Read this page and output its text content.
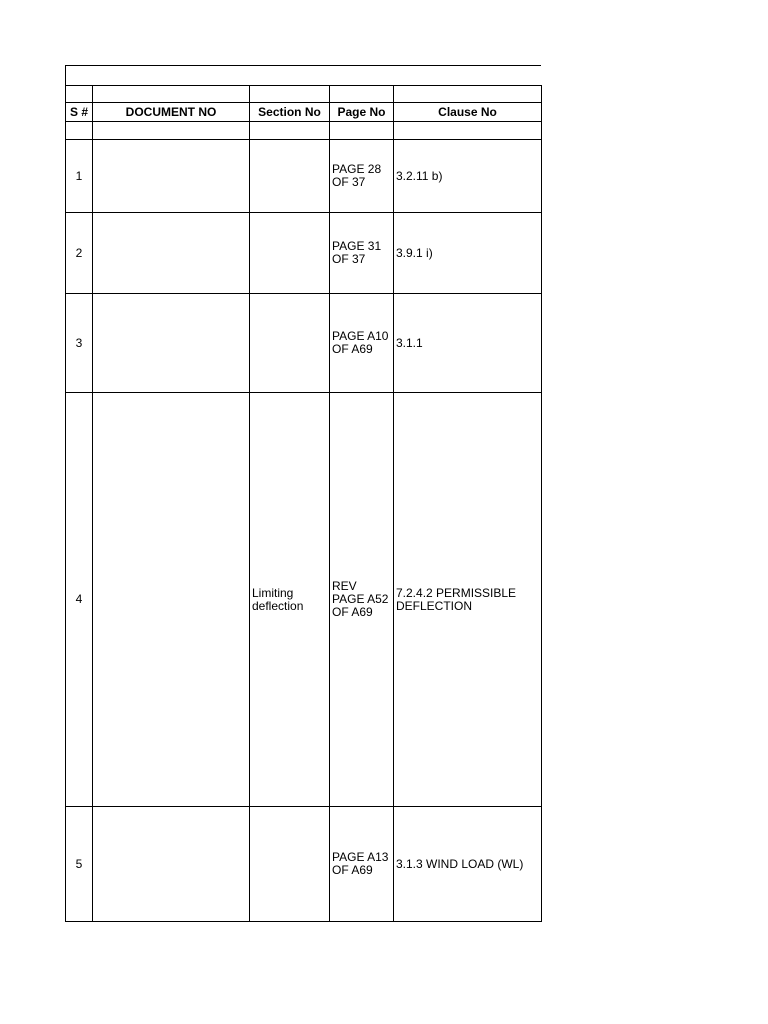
S #	DOCUMENT NO	Section No	Page No	Clause No

1			PAGE 28
OF 37	3.2.11 b)
2			PAGE 31
OF 37	3.9.1 i)
3			PAGE A10
OF A69	3.1.1
4		Limiting
deflection	REV
PAGE A52
OF A69	7.2.4.2 PERMISSIBLE
DEFLECTION
5			PAGE A13
OF A69	3.1.3 WIND LOAD (WL)
